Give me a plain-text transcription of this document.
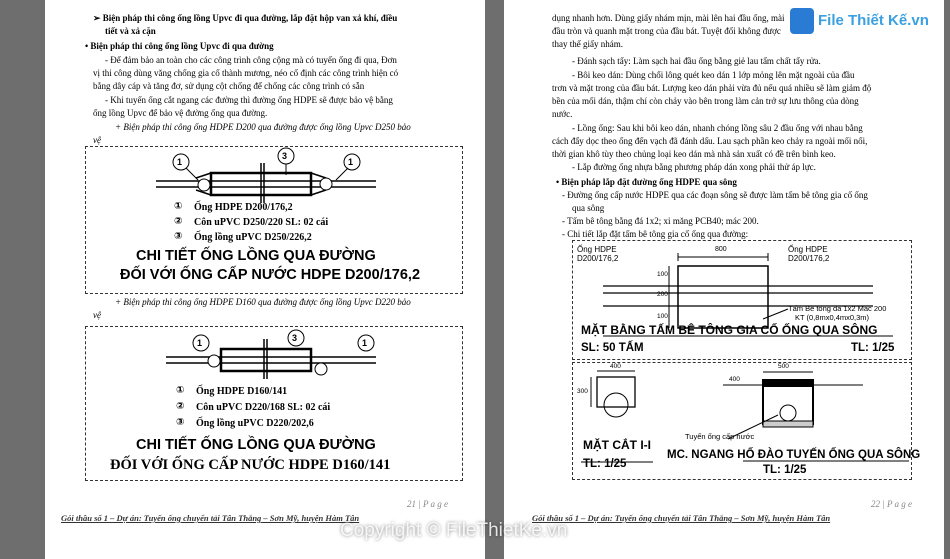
➢ Biện pháp thi công ống lồng Upvc đi qua đường, lắp đặt hộp van xả khí, điều
tiết và xả cặn
• Biện pháp thi công ống lồng Upvc đi qua đường
- Để đảm bảo an toàn cho các công trình công cộng mà có tuyến ống đi qua, Đơn
vị thi công dùng văng chống gia cố thành mương, néo cố định các công trình hiện có
bằng dây cáp và tăng đơ, sử dụng cột chống để chống các công trình có sẵn
- Khi tuyến ống cắt ngang các đường thì đường ống HDPE sẽ được bảo vệ bằng
ống lồng Upvc để bảo vệ đường ống qua đường.
+ Biện pháp thi công ống HDPE D200 qua đường được ống lồng Upvc D250 bảo
vệ
1
3
1
① Ống HDPE D200/176,2
② Côn uPVC D250/220 SL: 02 cái
③ Ống lồng uPVC D250/226,2
CHI TIẾT ỐNG LỒNG QUA ĐƯỜNG
ĐỐI VỚI ỐNG CẤP NƯỚC HDPE D200/176,2
+ Biện pháp thi công ống HDPE D160 qua đường được ống lồng Upvc D220 bảo
vệ
1	3	1
① Ống HDPE D160/141
② Côn uPVC D220/168 SL: 02 cái
③ Ống lồng uPVC D220/202,6
CHI TIẾT ỐNG LỒNG QUA ĐƯỜNG
ĐỐI VỚI ỐNG CẤP NƯỚC HDPE D160/141
21 | P a g e
Gói thầu số 1 – Dự án: Tuyến ống chuyển tải Tân Thắng – Sơn Mỹ, huyện Hàm Tân
dụng nhanh hơn. Dùng giấy nhám mịn, mài lên hai đầu ống, mài
đầu tròn và quanh mặt trong của đầu bát. Tuyệt đối không được
thay thế giấy nhám.
- Đánh sạch tẩy: Làm sạch hai đầu ống bằng giẻ lau tẩm chất tẩy rửa.
- Bôi keo dán: Dùng chổi lông quét keo dán 1 lớp mỏng lên mặt ngoài của đầu
trơn và mặt trong của đầu bát. Lượng keo dán phải vừa đủ nếu quá nhiều sẽ làm giảm độ
bền của mối dán, thậm chí còn chảy vào bên trong làm cản trở sự lưu thông của dòng
nước.
- Lồng ống: Sau khi bôi keo dán, nhanh chóng lồng sâu 2 đầu ống với nhau bằng
cách đẩy dọc theo ống đến vạch đã đánh dấu. Lau sạch phần keo chảy ra ngoài mối nối,
thời gian khô tùy theo chủng loại keo dán mà nhà sản xuất có đề trên bình keo.
- Lắp đường ống nhựa bằng phương pháp dán xong phải thử áp lực.
• Biện pháp lắp đặt đường ống HDPE qua sông
- Đường ống cấp nước HDPE qua các đoạn sông sẽ được làm tấm bê tông gia cố ống
qua sông
- Tấm bê tông bằng đá 1x2; xi măng PCB40; mác 200.
- Chi tiết lắp đặt tấm bê tông gia cố ống qua đường:
Ống HDPE
D200/176,2
Ống HDPE
D200/176,2
800
100
200
100
Tấm Bê tông đá 1x2 Mac 200
KT (0,8mx0,4mx0,3m)
MẶT BẰNG TẤM BÊ TÔNG GIA CỐ ỐNG QUA SÔNG
SL: 50 TẤM	TL: 1/25
400
300
500
400
Tuyến ống cấp nước
MẶT CẮT I-I
TL: 1/25
MC. NGANG HỐ ĐÀO TUYẾN ỐNG QUA SÔNG
TL: 1/25
22 | P a g e
Gói thầu số 1 – Dự án: Tuyến ống chuyển tải Tân Thắng – Sơn Mỹ, huyện Hàm Tân
File Thiết Kế.vn
Copyright © FileThietKe.vn
